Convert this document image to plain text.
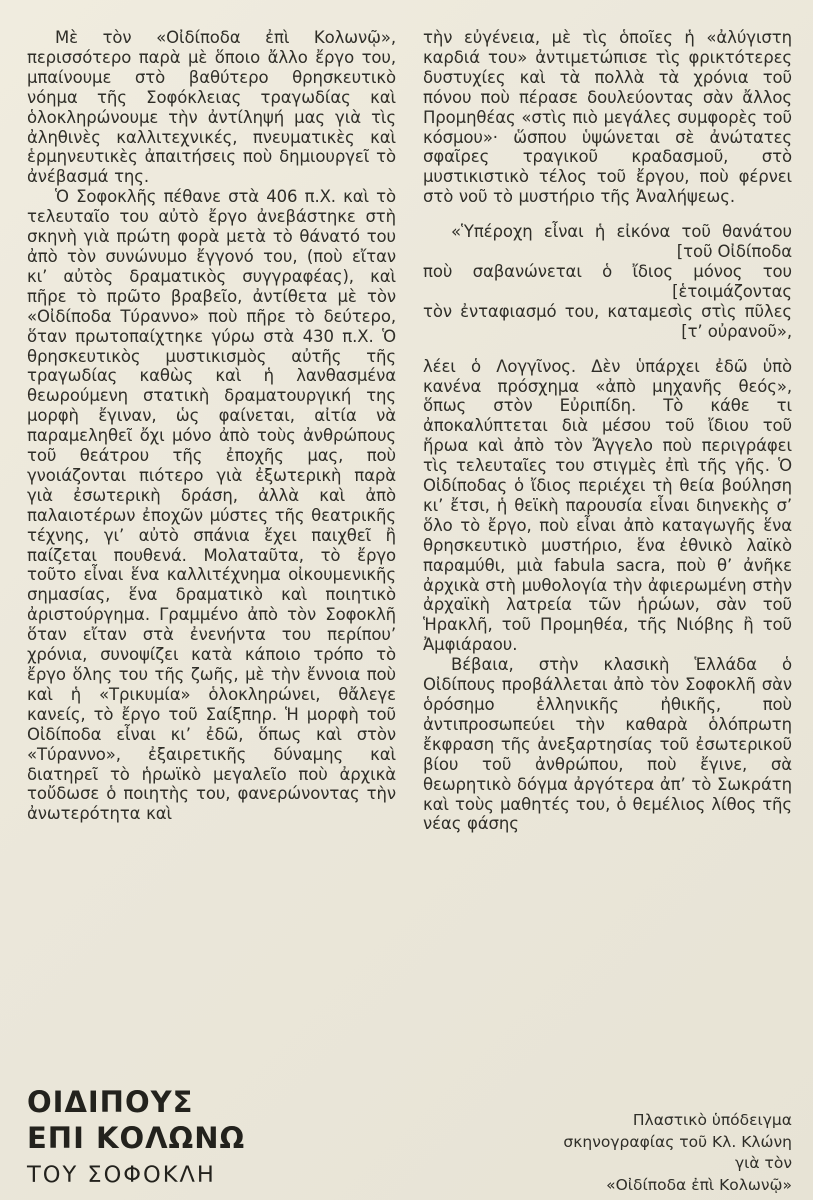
Μὲ τὸν «Οἰδίποδα ἐπὶ Κολωνῷ», περισσότερο παρὰ μὲ ὅποιο ἄλλο ἔργο του, μπαίνουμε στὸ βαθύτερο θρησκευτικὸ νόημα τῆς Σοφόκλειας τραγωδίας καὶ ὁλοκληρώνουμε τὴν ἀντίληψή μας γιὰ τὶς ἀληθινὲς καλλιτεχνικές, πνευματικὲς καὶ ἑρμηνευτικὲς ἀπαιτήσεις ποὺ δημιουργεῖ τὸ ἀνέβασμά της.

Ὁ Σοφοκλῆς πέθανε στὰ 406 π.Χ. καὶ τὸ τελευταῖο του αὐτὸ ἔργο ἀνεβάστηκε στὴ σκηνὴ γιὰ πρώτη φορὰ μετὰ τὸ θάνατό του ἀπὸ τὸν συνώνυμο ἔγγονό του, (ποὺ εἴταν κι’ αὐτὸς δραματικὸς συγγραφέας), καὶ πῆρε τὸ πρῶτο βραβεῖο, ἀντίθετα μὲ τὸν «Οἰδίποδα Τύραννο» ποὺ πῆρε τὸ δεύτερο, ὅταν πρωτοπαίχτηκε γύρω στὰ 430 π.Χ. Ὁ θρησκευτικὸς μυστικισμὸς αὐτῆς τῆς τραγωδίας καθὼς καὶ ἡ λανθασμένα θεωρούμενη στατικὴ δραματουργική της μορφὴ ἔγιναν, ὡς φαίνεται, αἰτία νὰ παραμεληθεῖ ὄχι μόνο ἀπὸ τοὺς ἀνθρώπους τοῦ θεάτρου τῆς ἐποχῆς μας, ποὺ γνοιάζονται πιότερο γιὰ ἐξωτερικὴ παρὰ γιὰ ἐσωτερικὴ δράση, ἀλλὰ καὶ ἀπὸ παλαιοτέρων ἐποχῶν μύστες τῆς θεατρικῆς τέχνης, γι’ αὐτὸ σπάνια ἔχει παιχθεῖ ἢ παίζεται πουθενά. Μολαταῦτα, τὸ ἔργο τοῦτο εἶναι ἕνα καλλιτέχνημα οἰκουμενικῆς σημασίας, ἕνα δραματικὸ καὶ ποιητικὸ ἀριστούργημα. Γραμμένο ἀπὸ τὸν Σοφοκλῆ ὅταν εἴταν στὰ ἐνενήντα του περίπου’ χρόνια, συνοψίζει κατὰ κάποιο τρόπο τὸ ἔργο ὅλης του τῆς ζωῆς, μὲ τὴν ἔννοια ποὺ καὶ ἡ «Τρικυμία» ὁλοκληρώνει, θἄλεγε κανείς, τὸ ἔργο τοῦ Σαίξπηρ. Ἡ μορφὴ τοῦ Οἰδίποδα εἶναι κι’ ἐδῶ, ὅπως καὶ στὸν «Τύραννο», ἐξαιρετικῆς δύναμης καὶ διατηρεῖ τὸ ἡρωϊκὸ μεγαλεῖο ποὺ ἀρχικὰ τοὔδωσε ὁ ποιητὴς του, φανερώνοντας τὴν ἀνωτερότητα καὶ

τὴν εὐγένεια, μὲ τὶς ὁποῖες ἡ «ἀλύγιστη καρδιά του» ἀντιμετώπισε τὶς φρικτότερες δυστυχίες καὶ τὰ πολλὰ τὰ χρόνια τοῦ πόνου ποὺ πέρασε δουλεύοντας σὰν ἄλλος Προμηθέας «στὶς πιὸ μεγάλες συμφορὲς τοῦ κόσμου»· ὥσπου ὑψώνεται σὲ ἀνώτατες σφαῖρες τραγικοῦ κραδασμοῦ, στὸ μυστικιστικὸ τέλος τοῦ ἔργου, ποὺ φέρνει στὸ νοῦ τὸ μυστήριο τῆς Ἀναλήψεως.

«Ὑπέροχη εἶναι ἡ εἰκόνα τοῦ θανάτου
[τοῦ Οἰδίποδα
ποὺ σαβανώνεται ὁ ἴδιος μόνος του
[ἑτοιμάζοντας
τὸν ἐνταφιασμό του, καταμεσὶς στὶς πῦλες
[τ’ οὐρανοῦ»,

λέει ὁ Λογγῖνος. Δὲν ὑπάρχει ἐδῶ ὑπὸ κανένα πρόσχημα «ἀπὸ μηχανῆς θεός», ὅπως στὸν Εὐριπίδη. Τὸ κάθε τι ἀποκαλύπτεται διὰ μέσου τοῦ ἴδιου τοῦ ἥρωα καὶ ἀπὸ τὸν Ἄγγελο ποὺ περιγράφει τὶς τελευταῖες του στιγμὲς ἐπὶ τῆς γῆς. Ὁ Οἰδίποδας ὁ ἴδιος περιέχει τὴ θεία βούληση κι’ ἔτσι, ἡ θεϊκὴ παρουσία εἶναι διηνεκὴς σ’ ὅλο τὸ ἔργο, ποὺ εἶναι ἀπὸ καταγωγῆς ἕνα θρησκευτικὸ μυστήριο, ἕνα ἐθνικὸ λαϊκὸ παραμύθι, μιὰ fabula sacra, ποὺ θ’ ἀνῆκε ἀρχικὰ στὴ μυθολογία τὴν ἀφιερωμένη στὴν ἀρχαϊκὴ λατρεία τῶν ἡρώων, σὰν τοῦ Ἡρακλῆ, τοῦ Προμηθέα, τῆς Νιόβης ἢ τοῦ Ἀμφιάραου.

Βέβαια, στὴν κλασικὴ Ἑλλάδα ὁ Οἰδίπους προβάλλεται ἀπὸ τὸν Σοφοκλῆ σὰν ὁρόσημο ἑλληνικῆς ἠθικῆς, ποὺ ἀντιπροσωπεύει τὴν καθαρὰ ὁλόπρωτη ἔκφραση τῆς ἀνεξαρτησίας τοῦ ἐσωτερικοῦ βίου τοῦ ἀνθρώπου, ποὺ ἔγινε, σὰ θεωρητικὸ δόγμα ἀργότερα ἀπ’ τὸ Σωκράτη καὶ τοὺς μαθητές του, ὁ θεμέλιος λίθος τῆς νέας φάσης

ΟΙΔΙΠΟΥΣ
ΕΠΙ ΚΟΛΩΝΩ
ΤΟΥ ΣΟΦΟΚΛΗ
Πλαστικὸ ὑπόδειγμα
σκηνογραφίας τοῦ Κλ. Κλώνη
γιὰ τὸν
«Οἰδίποδα ἐπὶ Κολωνῷ»
